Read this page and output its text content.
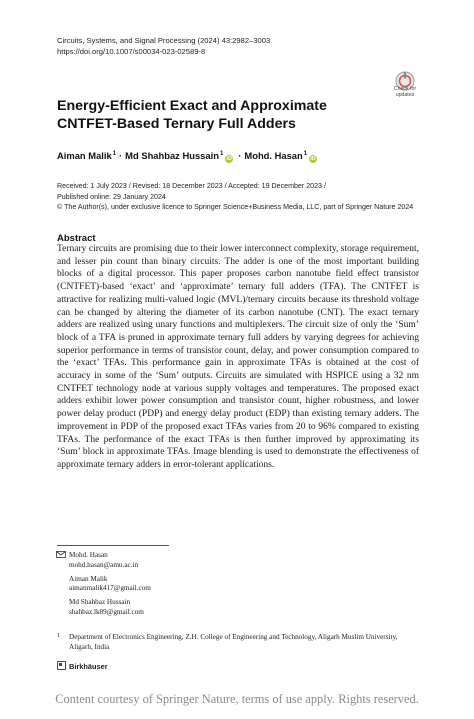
Circuits, Systems, and Signal Processing (2024) 43:2982–3003
https://doi.org/10.1007/s00034-023-02589-8
Check for
updates
Energy-Efficient Exact and Approximate CNTFET-Based Ternary Full Adders
Aiman Malik$^1$ · Md Shahbaz Hussain$^1$iD · Mohd. Hasan$^1$iD
Received: 1 July 2023 / Revised: 18 December 2023 / Accepted: 19 December 2023 /
Published online: 29 January 2024
© The Author(s), under exclusive licence to Springer Science+Business Media, LLC, part of Springer Nature 2024
Abstract
Ternary circuits are promising due to their lower interconnect complexity, storage requirement, and lesser pin count than binary circuits. The adder is one of the most important building blocks of a digital processor. This paper proposes carbon nanotube field effect transistor (CNTFET)-based ‘exact’ and ‘approximate’ ternary full adders (TFA). The CNTFET is attractive for realizing multi-valued logic (MVL)/ternary circuits because its threshold voltage can be changed by altering the diameter of its carbon nanotube (CNT). The exact ternary adders are realized using unary functions and multiplexers. The circuit size of only the ‘Sum’ block of a TFA is pruned in approximate ternary full adders by varying degrees for achieving superior performance in terms of transistor count, delay, and power consumption compared to the ‘exact’ TFAs. This performance gain in approximate TFAs is obtained at the cost of accuracy in some of the ‘Sum’ outputs. Circuits are simulated with HSPICE using a 32 nm CNTFET technology node at various supply voltages and temperatures. The proposed exact adders exhibit lower power consumption and transistor count, higher robustness, and lower power delay product (PDP) and energy delay product (EDP) than existing ternary adders. The improvement in PDP of the proposed exact TFAs varies from 20 to 96% compared to existing TFAs. The performance of the exact TFAs is then further improved by approximating its ‘Sum’ block in approximate TFAs. Image blending is used to demonstrate the effectiveness of approximate ternary adders in error-tolerant applications.
Mohd. Hasan
mohd.hasan@amu.ac.in
Aiman Malik
aimanmalik417@gmail.com
Md Shahbaz Hussain
shahbaz.lk89@gmail.com
1 Department of Electronics Engineering, Z.H. College of Engineering and Technology, Aligarh Muslim University, Aligarh, India
Birkhäuser
Content courtesy of Springer Nature, terms of use apply. Rights reserved.
